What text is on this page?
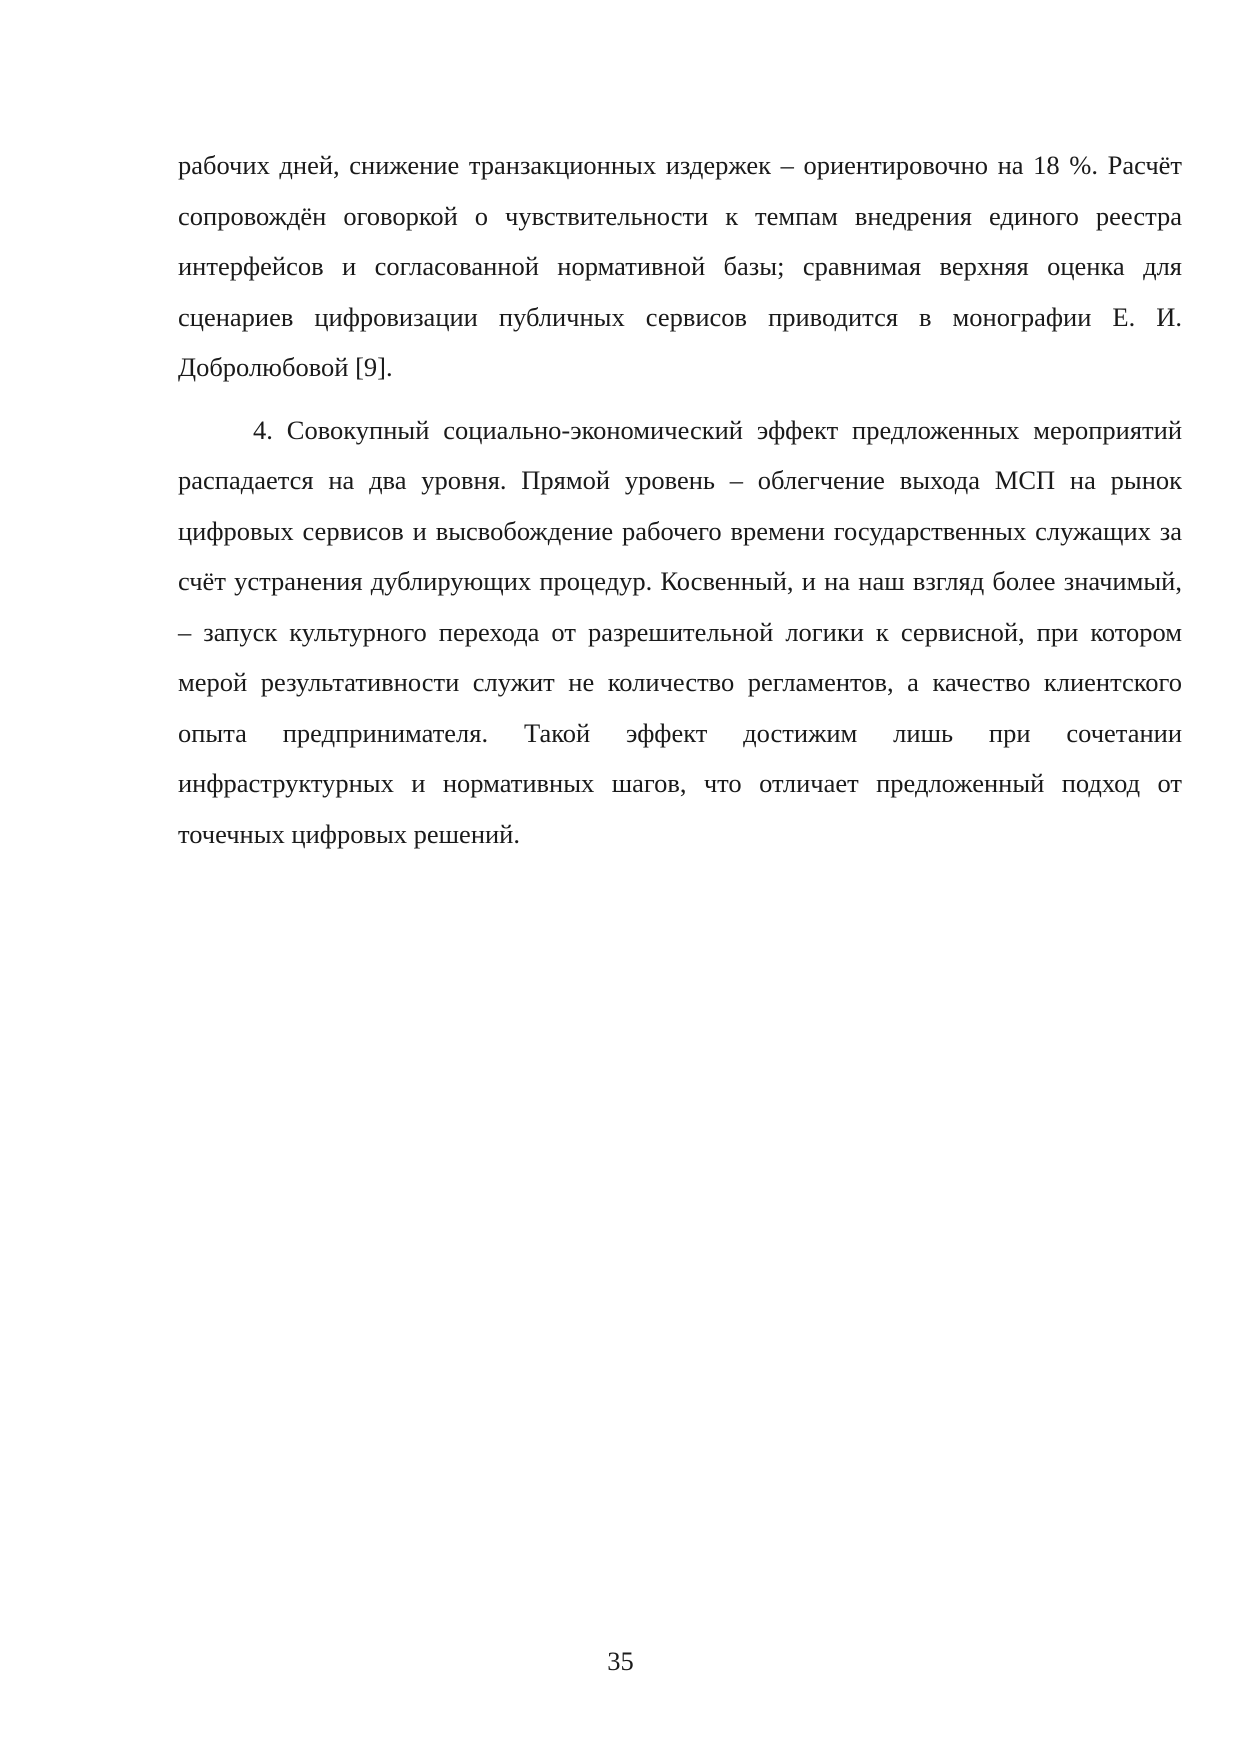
рабочих дней, снижение транзакционных издержек – ориентировочно на 18 %. Расчёт сопровождён оговоркой о чувствительности к темпам внедрения единого реестра интерфейсов и согласованной нормативной базы; сравнимая верхняя оценка для сценариев цифровизации публичных сервисов приводится в монографии Е. И. Добролюбовой [9].

4. Совокупный социально-экономический эффект предложенных мероприятий распадается на два уровня. Прямой уровень – облегчение выхода МСП на рынок цифровых сервисов и высвобождение рабочего времени государственных служащих за счёт устранения дублирующих процедур. Косвенный, и на наш взгляд более значимый, – запуск культурного перехода от разрешительной логики к сервисной, при котором мерой результативности служит не количество регламентов, а качество клиентского опыта предпринимателя. Такой эффект достижим лишь при сочетании инфраструктурных и нормативных шагов, что отличает предложенный подход от точечных цифровых решений.

35
